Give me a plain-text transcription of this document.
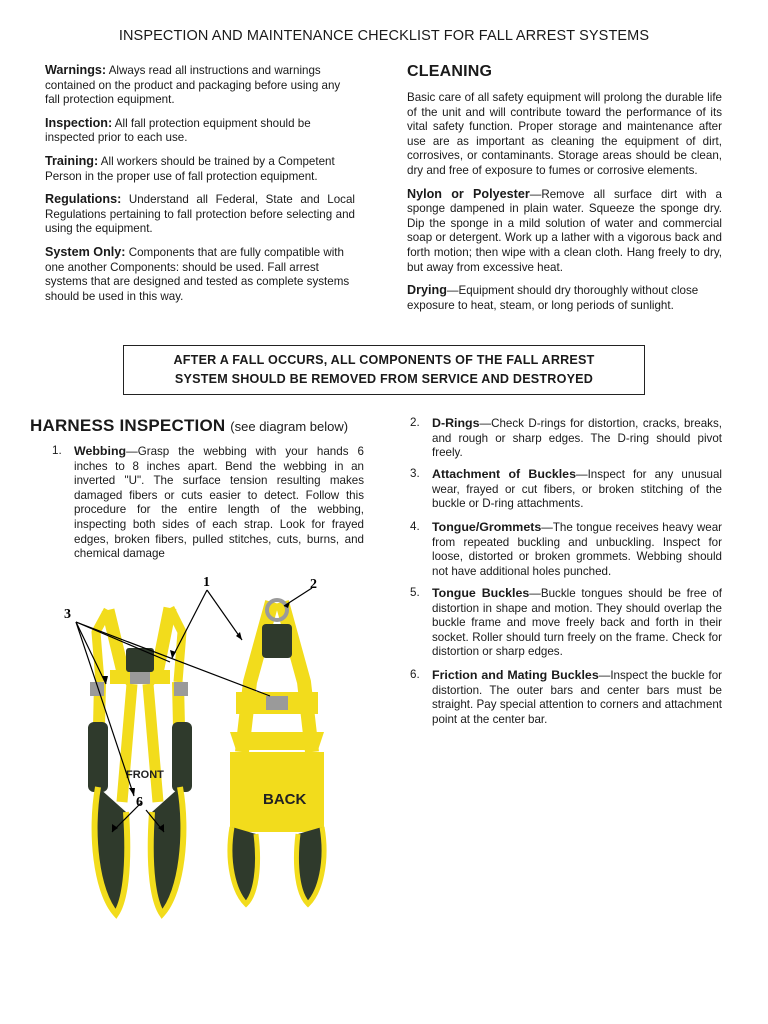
INSPECTION AND MAINTENANCE CHECKLIST FOR FALL ARREST SYSTEMS

Warnings: Always read all instructions and warnings contained on the product and packaging before using any fall protection equipment.

Inspection: All fall protection equipment should be inspected prior to each use.

Training: All workers should be trained by a Competent Person in the proper use of fall protection equipment.

Regulations: Understand all Federal, State and Local Regulations pertaining to fall protection before selecting and using the equipment.

System Only: Components that are fully compatible with one another Components: should be used. Fall arrest systems that are designed and tested as complete systems should be used in this way.

CLEANING

Basic care of all safety equipment will prolong the durable life of the unit and will contribute toward the performance of its vital safety function. Proper storage and maintenance after use are as important as cleaning the equipment of dirt, corrosives, or contaminants. Storage areas should be clean, dry and free of exposure to fumes or corrosive elements.

Nylon or Polyester—Remove all surface dirt with a sponge dampened in plain water. Squeeze the sponge dry. Dip the sponge in a mild solution of water and commercial soap or detergent. Work up a lather with a vigorous back and forth motion; then wipe with a clean cloth. Hang freely to dry, but away from excessive heat.

Drying—Equipment should dry thoroughly without close exposure to heat, steam, or long periods of sunlight.

AFTER A FALL OCCURS, ALL COMPONENTS OF THE FALL ARREST
SYSTEM SHOULD BE REMOVED FROM SERVICE AND DESTROYED
HARNESS INSPECTION (see diagram below)
1. Webbing—Grasp the webbing with your hands 6 inches to 8 inches apart. Bend the webbing in an inverted "U". The surface tension resulting makes damaged fibers or cuts easier to detect. Follow this procedure for the entire length of the webbing, inspecting both sides of each strap. Look for frayed edges, broken fibers, pulled stitches, cuts, burns, and chemical damage
2. D-Rings—Check D-rings for distortion, cracks, breaks, and rough or sharp edges. The D-ring should pivot freely.
3. Attachment of Buckles—Inspect for any unusual wear, frayed or cut fibers, or broken stitching of the buckle or D-ring attachments.
4. Tongue/Grommets—The tongue receives heavy wear from repeated buckling and unbuckling. Inspect for loose, distorted or broken grommets. Webbing should not have additional holes punched.
5. Tongue Buckles—Buckle tongues should be free of distortion in shape and motion. They should overlap the buckle frame and move freely back and forth in their socket. Roller should turn freely on the frame. Check for distortion or sharp edges.
6. Friction and Mating Buckles—Inspect the buckle for distortion. The outer bars and center bars must be straight. Pay special attention to corners and attachment point at the center bar.
FRONT
BACK
1	2
3
6
